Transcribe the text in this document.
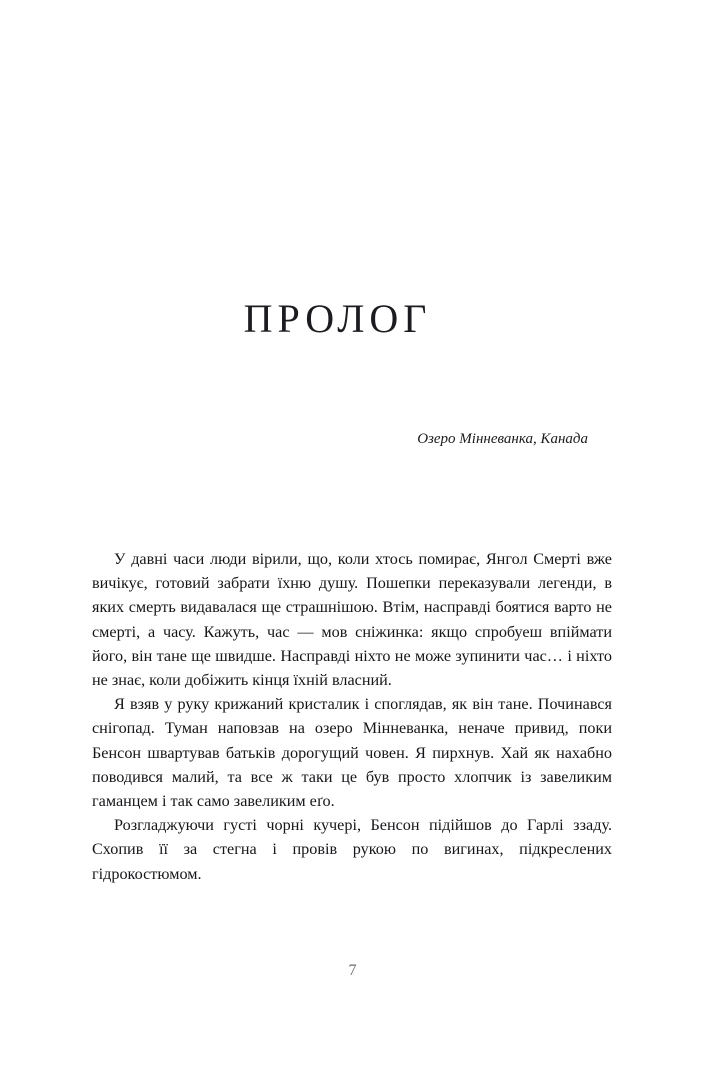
ПРОЛОГ
Озеро Мінневанка, Канада

У давні часи люди вірили, що, коли хтось помирає, Янгол Смерті вже вичікує, готовий забрати їхню душу. Пошепки переказували легенди, в яких смерть видавалася ще страшнішою. Втім, насправді боятися варто не смерті, а часу. Кажуть, час — мов сніжинка: якщо спробуеш впіймати його, він тане ще швидше. Насправді ніхто не може зупинити час… і ніхто не знає, коли добіжить кінця їхній власний.

Я взяв у руку крижаний кристалик і споглядав, як він тане. Починався снігопад. Туман наповзав на озеро Мінневанка, неначе привид, поки Бенсон швартував батьків дорогущий човен. Я пирхнув. Хай як нахабно поводився малий, та все ж таки це був просто хлопчик із завеликим гаманцем і так само завеликим еґо.

Розгладжуючи густі чорні кучері, Бенсон підійшов до Гарлі ззаду. Схопив її за стегна і провів рукою по вигинах, підкреслених гідрокостюмом.

7
